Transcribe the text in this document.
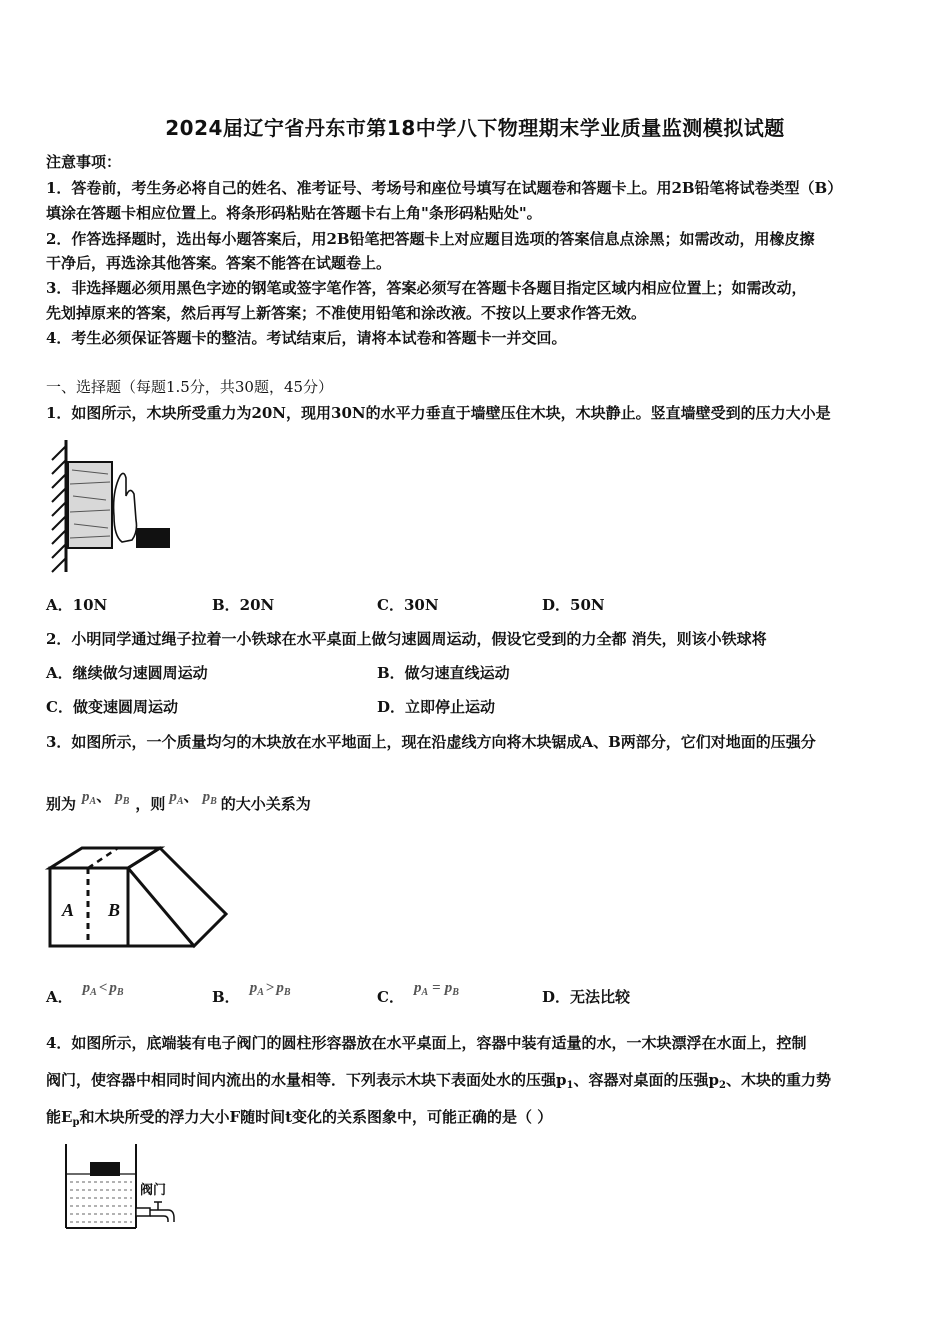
2024届辽宁省丹东市第18中学八下物理期末学业质量监测模拟试题
注意事项：
1．答卷前，考生务必将自己的姓名、准考证号、考场号和座位号填写在试题卷和答题卡上。用2B铅笔将试卷类型（B）
填涂在答题卡相应位置上。将条形码粘贴在答题卡右上角"条形码粘贴处"。
2．作答选择题时，选出每小题答案后，用2B铅笔把答题卡上对应题目选项的答案信息点涂黑；如需改动，用橡皮擦
干净后，再选涂其他答案。答案不能答在试题卷上。
3．非选择题必须用黑色字迹的钢笔或签字笔作答，答案必须写在答题卡各题目指定区域内相应位置上；如需改动，
先划掉原来的答案，然后再写上新答案；不准使用铅笔和涂改液。不按以上要求作答无效。
4．考生必须保证答题卡的整洁。考试结束后，请将本试卷和答题卡一并交回。
一、选择题（每题1.5分，共30题，45分）
1．如图所示，木块所受重力为20N，现用30N的水平力垂直于墙壁压住木块，木块静止。竖直墙壁受到的压力大小是
A．10N	B．20N	C．30N	D．50N
2．小明同学通过绳子拉着一小铁球在水平桌面上做匀速圆周运动，假设它受到的力全都 消失，则该小铁球将
A．继续做匀速圆周运动	B．做匀速直线运动
C．做变速圆周运动	D．立即停止运动
3．如图所示，一个质量均匀的木块放在水平地面上，现在沿虚线方向将木块锯成A、B两部分，它们对地面的压强分
别为 $p_A$、 $p_B$ ，则 $p_A$、 $p_B$ 的大小关系为
A B
A． $p_A < p_B$	B． $p_A > p_B$	C． $p_A = p_B$	D．无法比较
4．如图所示，底端装有电子阀门的圆柱形容器放在水平桌面上，容器中装有适量的水，一木块漂浮在水面上，控制
阀门，使容器中相同时间内流出的水量相等．下列表示木块下表面处水的压强$p_1$、容器对桌面的压强$p_2$、木块的重力势
能$E_p$和木块所受的浮力大小F随时间t变化的关系图象中，可能正确的是（ ）
阀门
